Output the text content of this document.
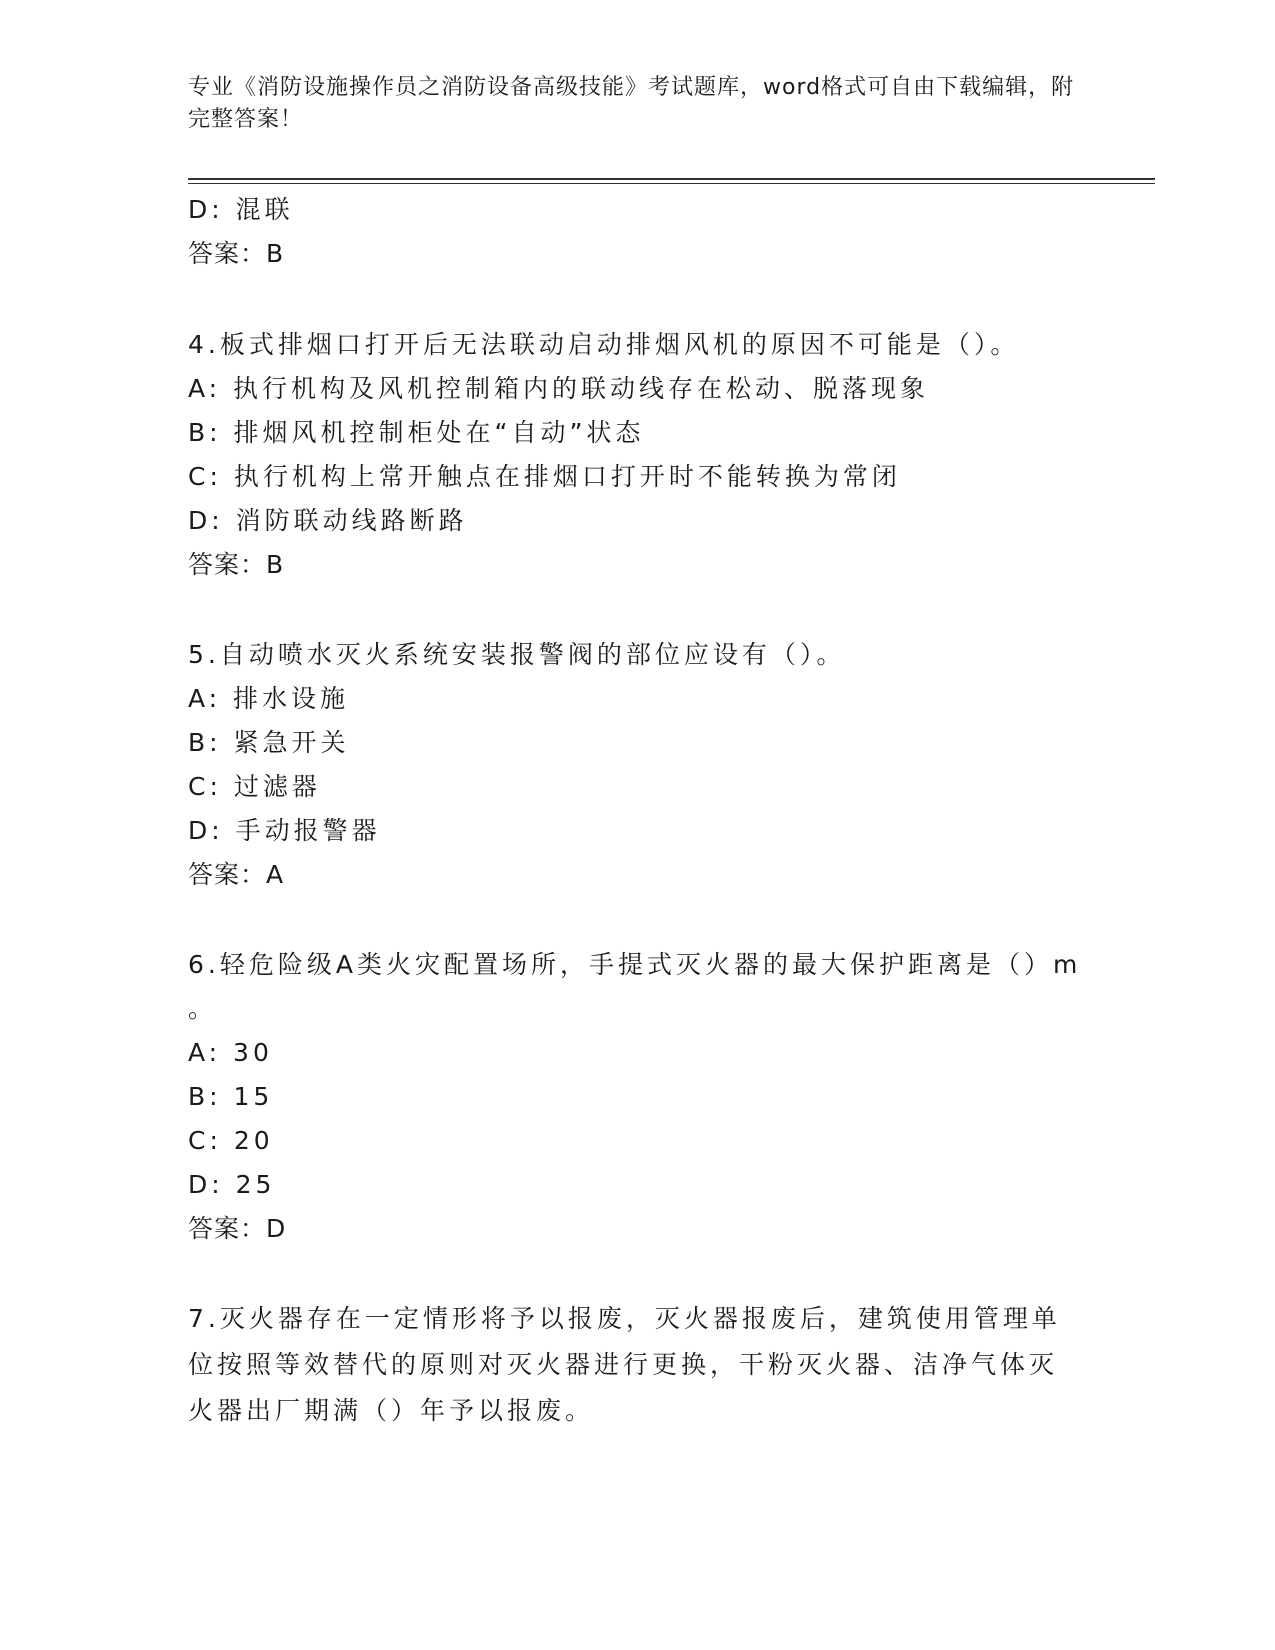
专业《消防设施操作员之消防设备高级技能》考试题库，word格式可自由下载编辑，附完整答案！
D: 混联
答案：B
4.板式排烟口打开后无法联动启动排烟风机的原因不可能是（）。
A: 执行机构及风机控制箱内的联动线存在松动、脱落现象
B: 排烟风机控制柜处在“自动”状态
C: 执行机构上常开触点在排烟口打开时不能转换为常闭
D: 消防联动线路断路
答案：B
5.自动喷水灭火系统安装报警阀的部位应设有（）。
A: 排水设施
B: 紧急开关
C: 过滤器
D: 手动报警器
答案：A
6.轻危险级A类火灾配置场所，手提式灭火器的最大保护距离是（）m
。
A: 30
B: 15
C: 20
D: 25
答案：D
7.灭火器存在一定情形将予以报废，灭火器报废后，建筑使用管理单位按照等效替代的原则对灭火器进行更换，干粉灭火器、洁净气体灭火器出厂期满（）年予以报废。
